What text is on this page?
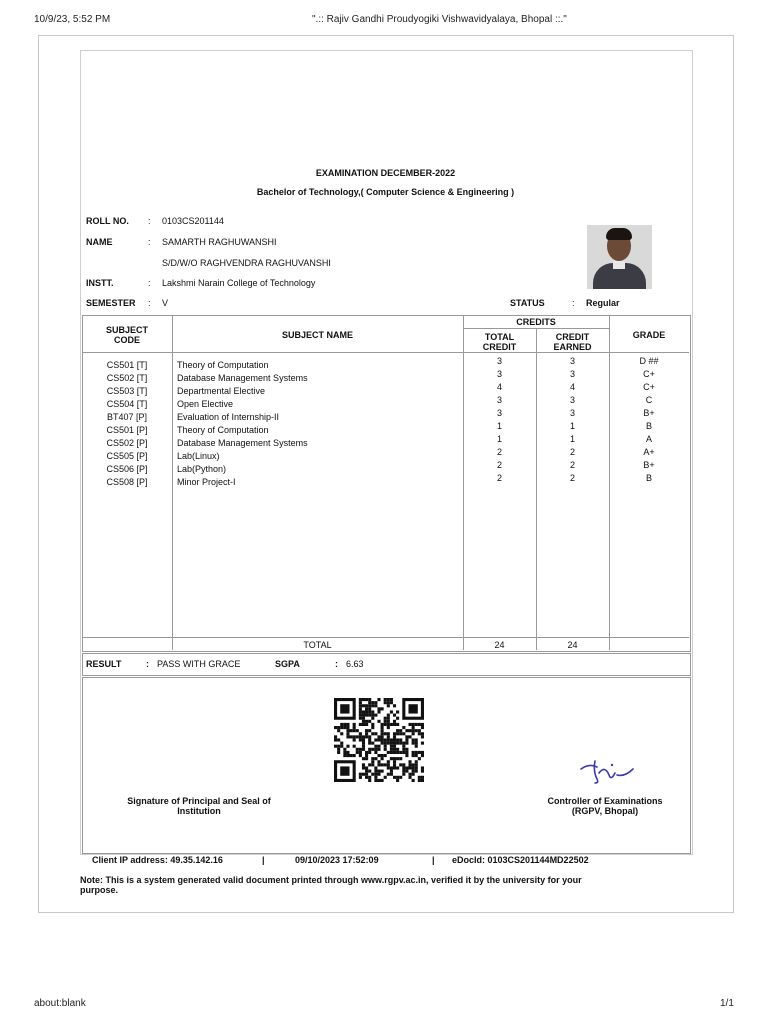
10/9/23, 5:52 PM	".:: Rajiv Gandhi Proudyogiki Vishwavidyalaya, Bhopal ::."
about:blank	1/1
EXAMINATION DECEMBER-2022
Bachelor of Technology,( Computer Science & Engineering )
ROLL NO. : 0103CS201144
NAME	: SAMARTH RAGHUWANSHI
S/D/W/O RAGHVENDRA RAGHUVANSHI
INSTT.	: Lakshmi Narain College of Technology
SEMESTER : V	STATUS	: Regular
SUBJECT
CODE	SUBJECT NAME
CREDITS
TOTAL
CREDIT
CREDIT
EARNED
GRADE
CS501 [T]	Theory of Computation	3	3	D ##
CS502 [T]	Database Management Systems	3	3	C+
CS503 [T]	Departmental Elective	4	4	C+
CS504 [T]	Open Elective	3	3	C
BT407 [P]	Evaluation of Internship-II	3	3	B+
CS501 [P]	Theory of Computation	1	1	B
CS502 [P]	Database Management Systems	1	1	A
CS505 [P]	Lab(Linux)	2	2	A+
CS506 [P]	Lab(Python)	2	2	B+
CS508 [P]	Minor Project-I	2	2	B
TOTAL	24	24
RESULT	: PASS WITH GRACE	SGPA	: 6.63
Signature of Principal and Seal of
Institution
Controller of Examinations
(RGPV, Bhopal)
Client IP address: 49.35.142.16	|	09/10/2023 17:52:09	| eDocId: 0103CS201144MD22502
Note: This is a system generated valid document printed through www.rgpv.ac.in, verified it by the university for your
purpose.
